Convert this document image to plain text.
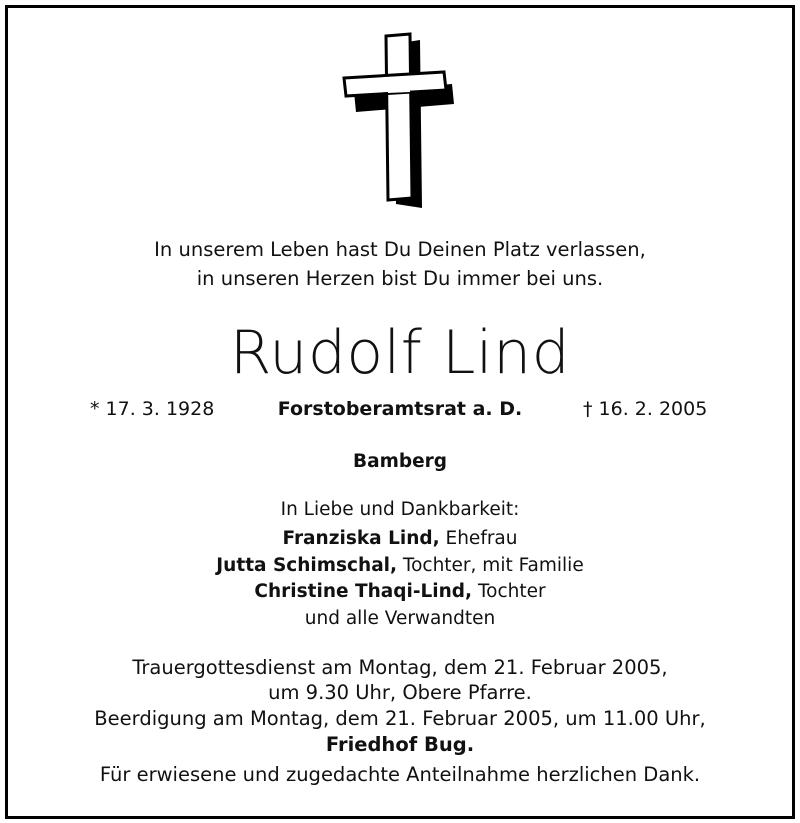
In unserem Leben hast Du Deinen Platz verlassen,
in unseren Herzen bist Du immer bei uns.
Rudolf Lind
* 17. 3. 1928	Forstoberamtsrat a. D.	† 16. 2. 2005
Bamberg
In Liebe und Dankbarkeit:
Franziska Lind, Ehefrau
Jutta Schimschal, Tochter, mit Familie
Christine Thaqi-Lind, Tochter
und alle Verwandten
Trauergottesdienst am Montag, dem 21. Februar 2005,
um 9.30 Uhr, Obere Pfarre.
Beerdigung am Montag, dem 21. Februar 2005, um 11.00 Uhr,
Friedhof Bug.
Für erwiesene und zugedachte Anteilnahme herzlichen Dank.
